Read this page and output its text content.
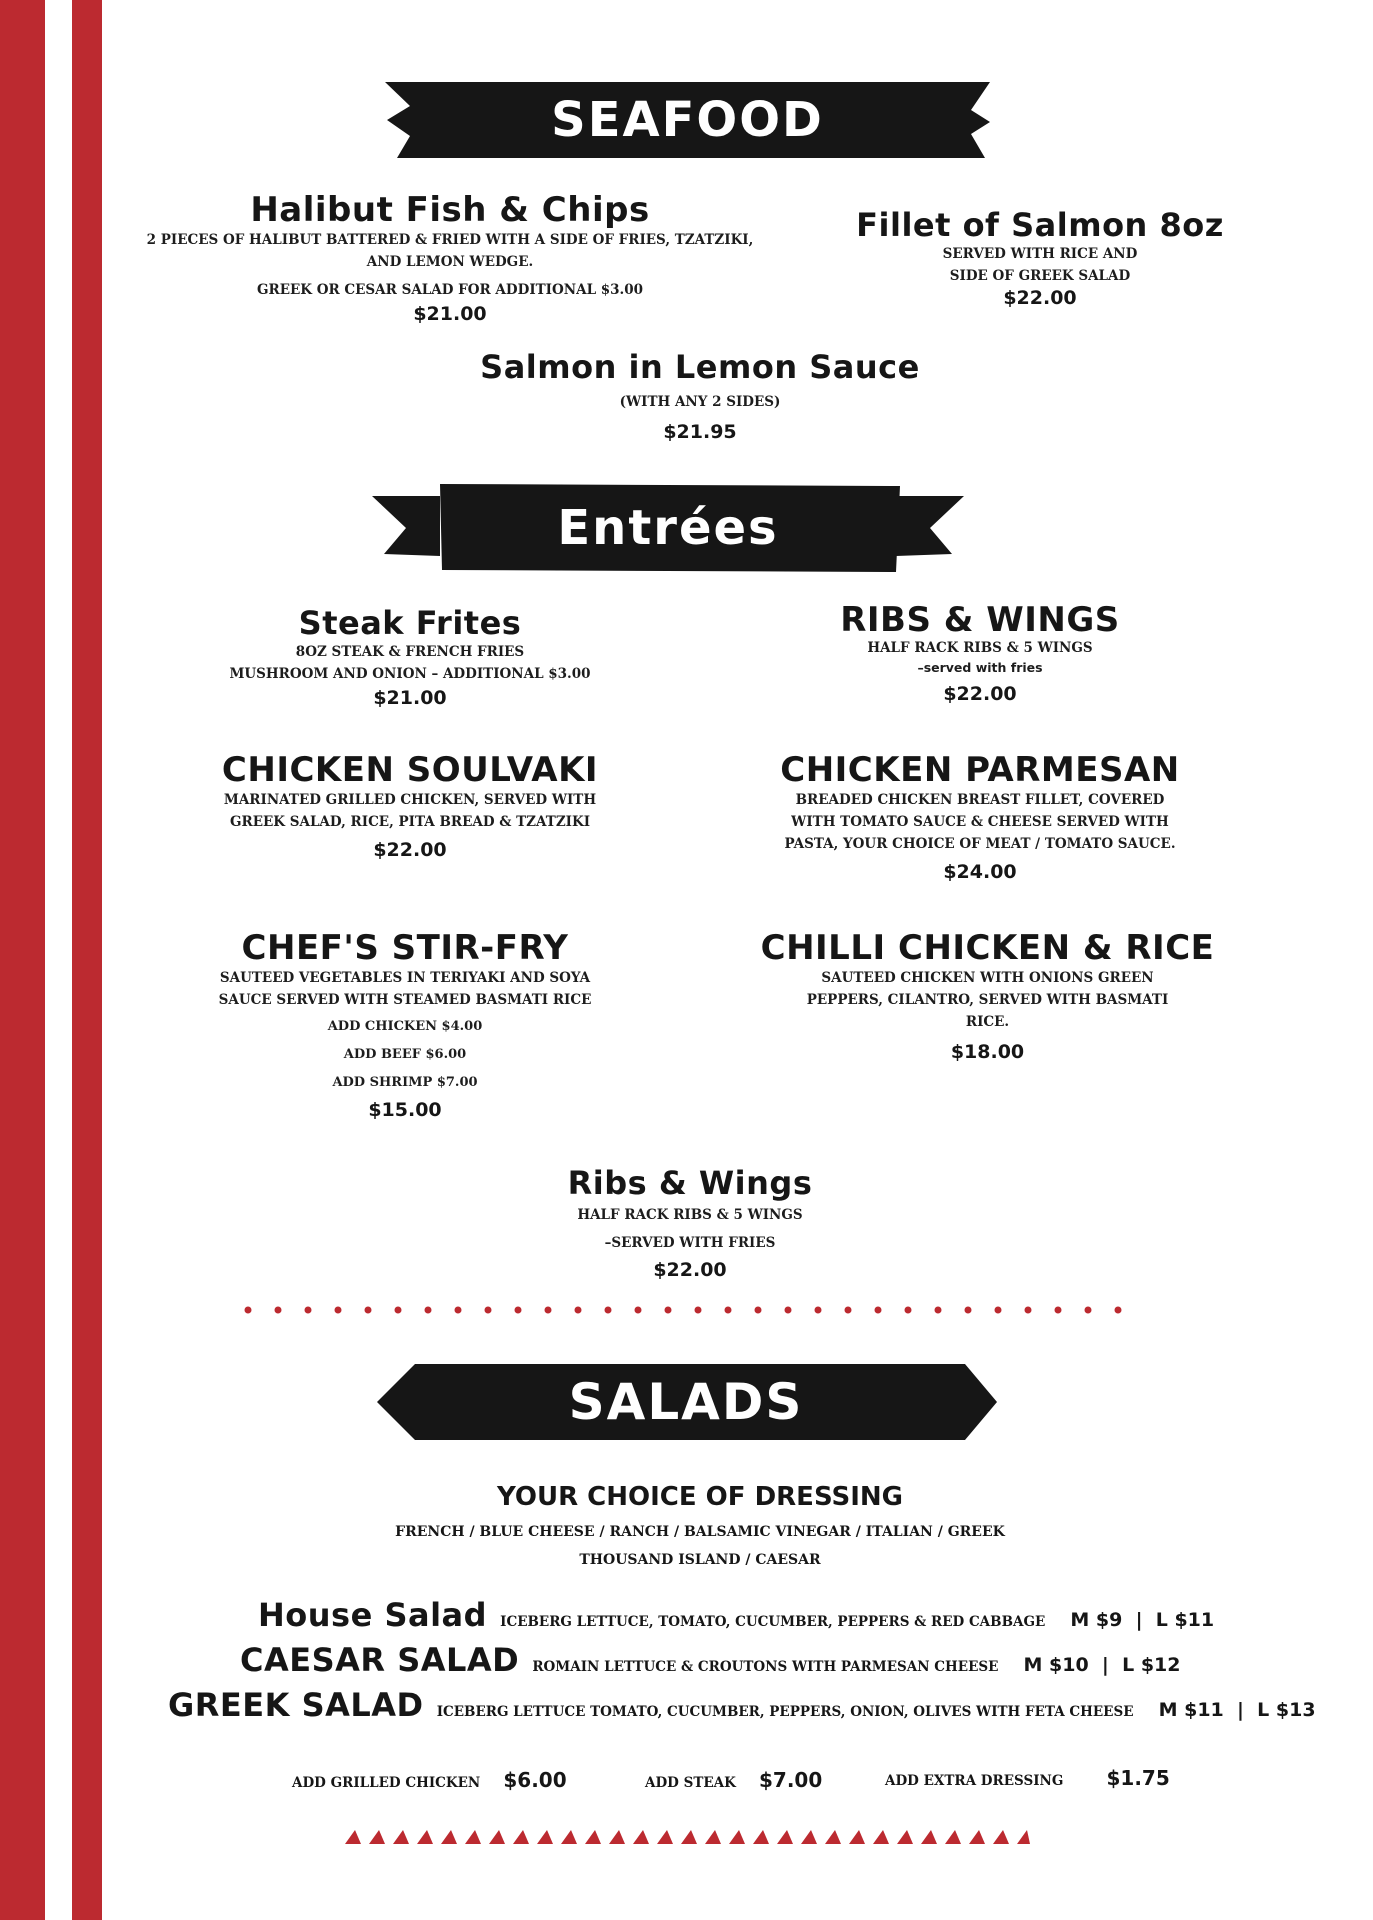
SEAFOOD
Halibut Fish & Chips
2 PIECES OF HALIBUT BATTERED & FRIED WITH A SIDE OF FRIES, TZATZIKI,
AND LEMON WEDGE.
GREEK OR CESAR SALAD FOR ADDITIONAL $3.00
$21.00
Fillet of Salmon 8oz
SERVED WITH RICE AND
SIDE OF GREEK SALAD
$22.00
Salmon in Lemon Sauce
(WITH ANY 2 SIDES)
$21.95
Entrées
Steak Frites
8OZ STEAK & FRENCH FRIES
MUSHROOM AND ONION – ADDITIONAL $3.00
$21.00
RIBS & WINGS
HALF RACK RIBS & 5 WINGS
–served with fries
$22.00
CHICKEN SOULVAKI
MARINATED GRILLED CHICKEN, SERVED WITH
GREEK SALAD, RICE, PITA BREAD & TZATZIKI
$22.00
CHICKEN PARMESAN
BREADED CHICKEN BREAST FILLET, COVERED
WITH TOMATO SAUCE & CHEESE SERVED WITH
PASTA, YOUR CHOICE OF MEAT / TOMATO SAUCE.
$24.00
CHEF'S STIR-FRY
SAUTEED VEGETABLES IN TERIYAKI AND SOYA
SAUCE SERVED WITH STEAMED BASMATI RICE
ADD CHICKEN $4.00
ADD BEEF $6.00
ADD SHRIMP $7.00
$15.00
CHILLI CHICKEN & RICE
SAUTEED CHICKEN WITH ONIONS GREEN
PEPPERS, CILANTRO, SERVED WITH BASMATI
RICE.
$18.00
Ribs & Wings
HALF RACK RIBS & 5 WINGS
–SERVED WITH FRIES
$22.00
SALADS
YOUR CHOICE OF DRESSING
FRENCH / BLUE CHEESE / RANCH / BALSAMIC VINEGAR / ITALIAN / GREEK
THOUSAND ISLAND / CAESAR
House Salad ICEBERG LETTUCE, TOMATO, CUCUMBER, PEPPERS & RED CABBAGE M $9  |  L $11
CAESAR SALAD ROMAIN LETTUCE & CROUTONS WITH PARMESAN CHEESE M $10  |  L $12
GREEK SALAD ICEBERG LETTUCE TOMATO, CUCUMBER, PEPPERS, ONION, OLIVES WITH FETA CHEESE M $11  |  L $13
ADD GRILLED CHICKEN $6.00	ADD STEAK $7.00	ADD EXTRA DRESSING $1.75
